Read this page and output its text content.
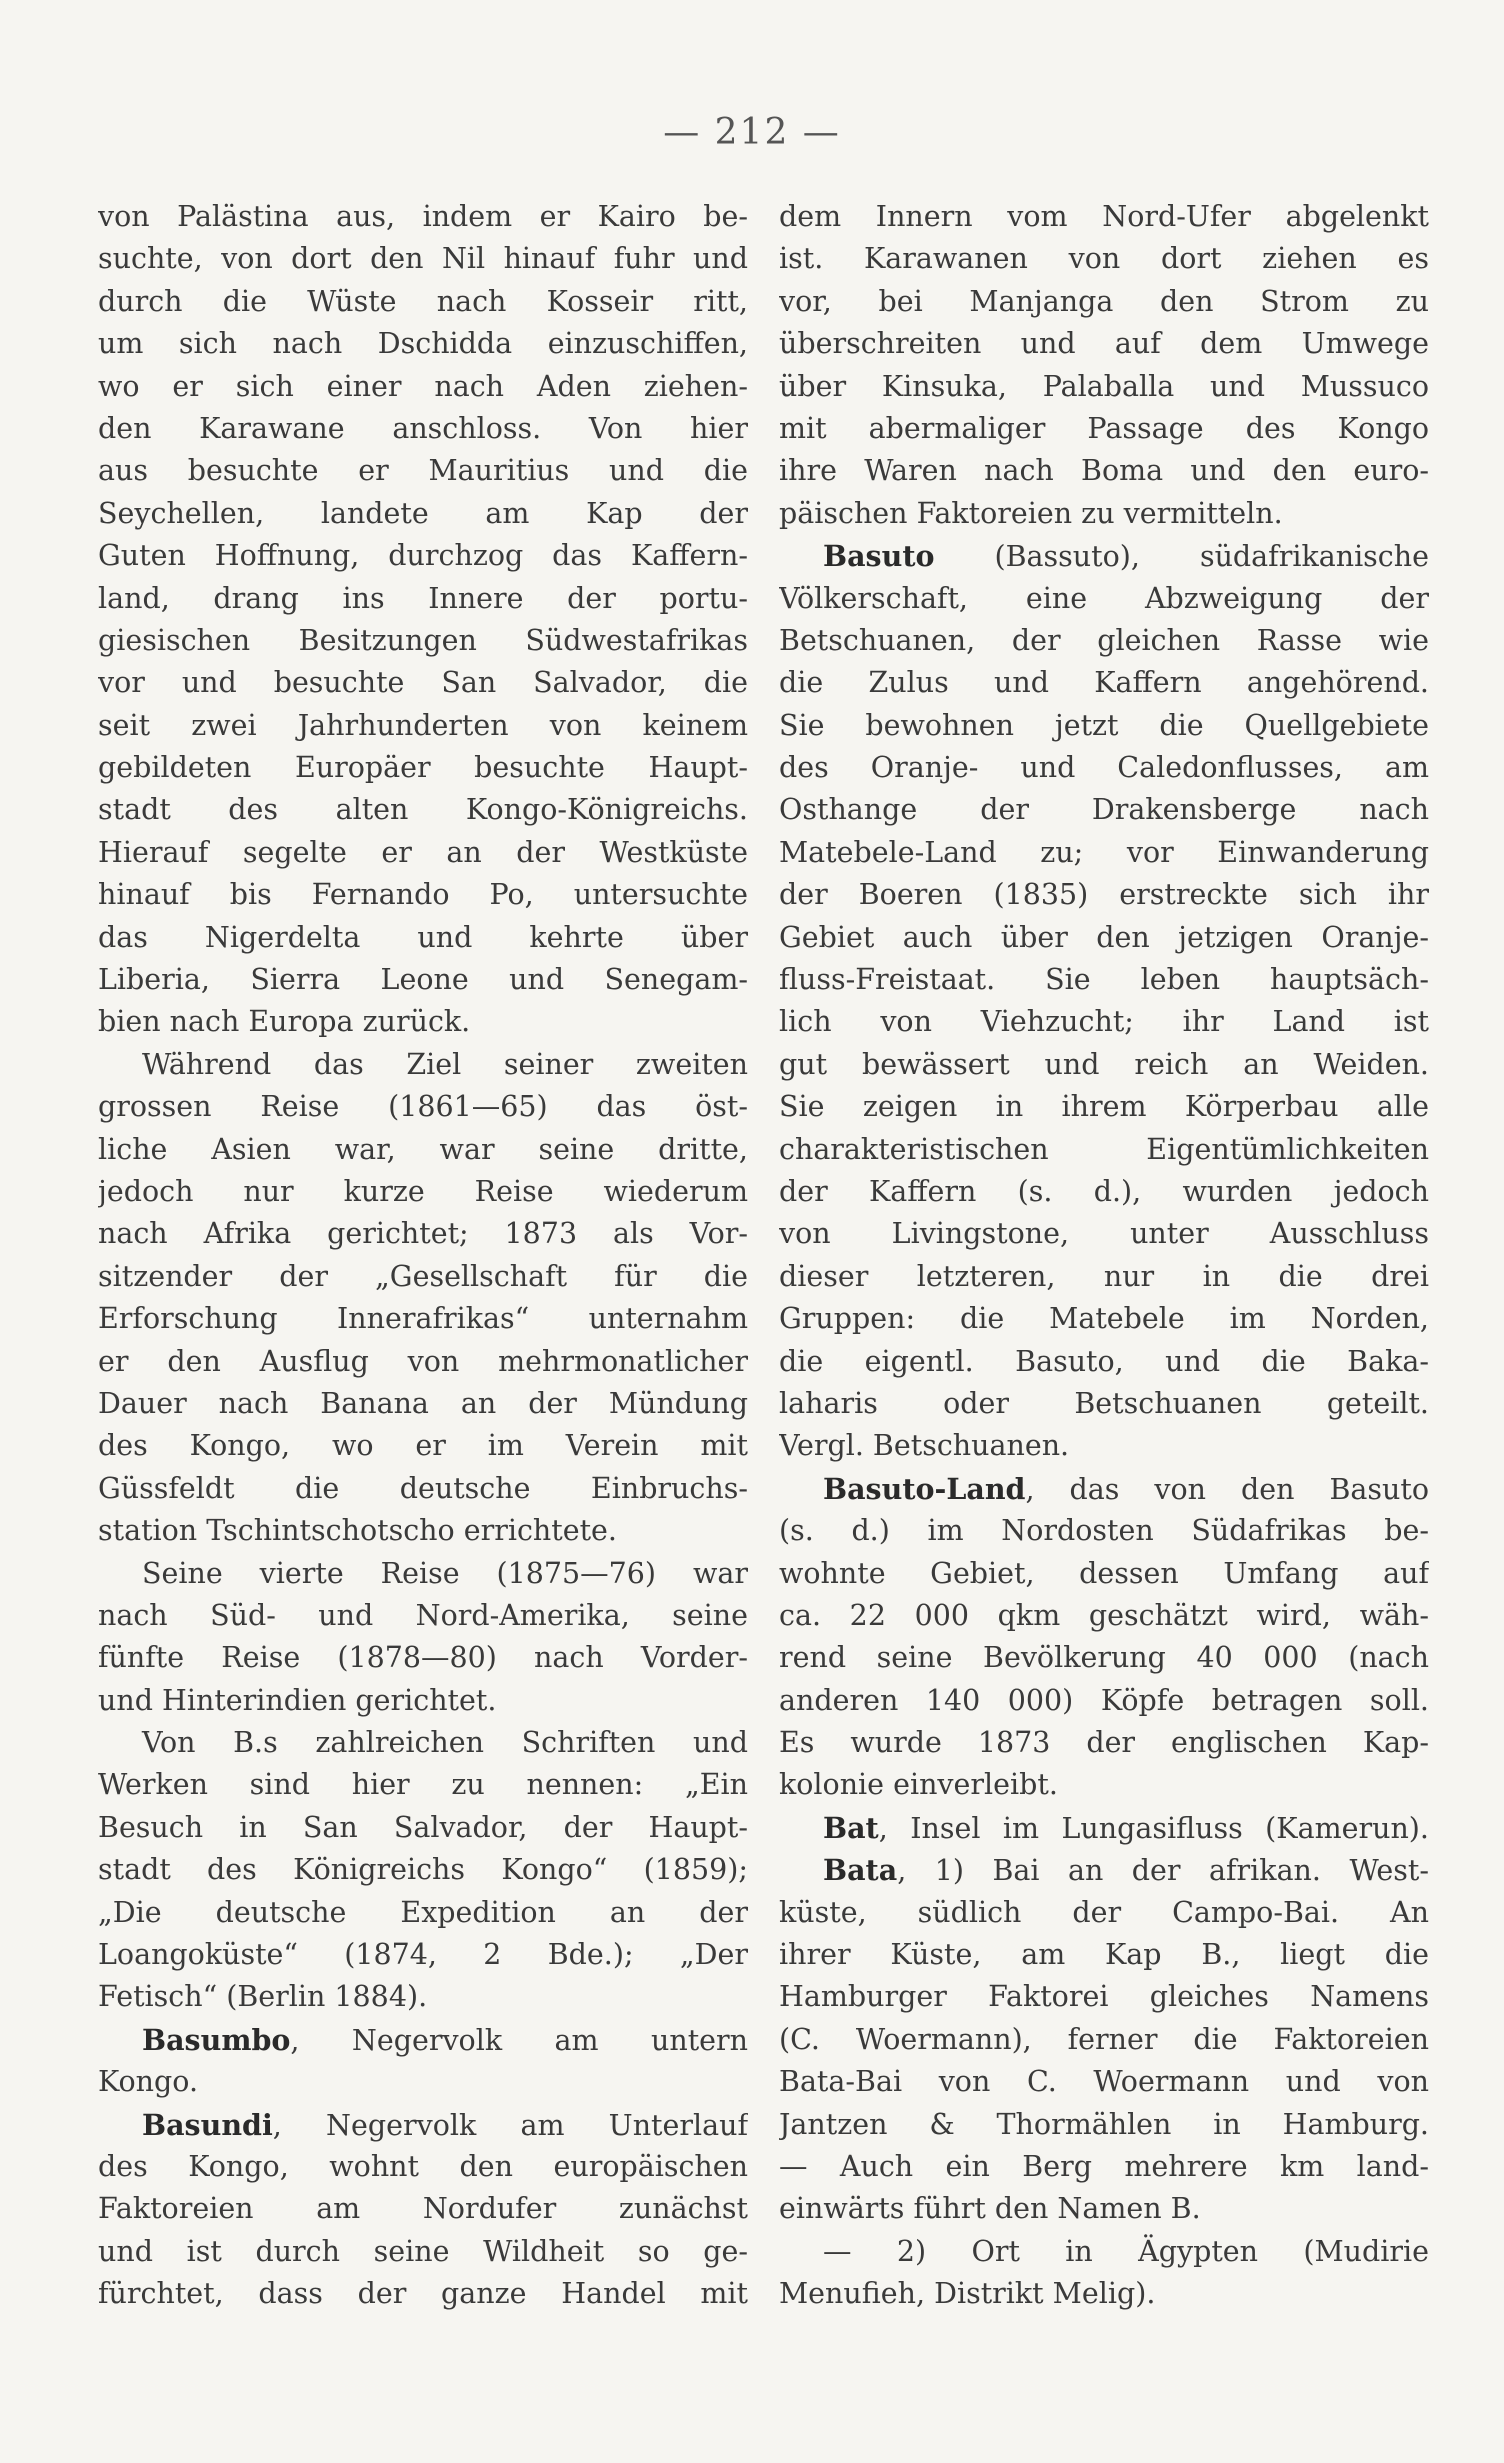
— 212 —
von Palästina aus, indem er Kairo be-
suchte, von dort den Nil hinauf fuhr und
durch die Wüste nach Kosseir ritt,
um sich nach Dschidda einzuschiffen,
wo er sich einer nach Aden ziehen-
den Karawane anschloss. Von hier
aus besuchte er Mauritius und die
Seychellen, landete am Kap der
Guten Hoffnung, durchzog das Kaffern-
land, drang ins Innere der portu-
giesischen Besitzungen Südwestafrikas
vor und besuchte San Salvador, die
seit zwei Jahrhunderten von keinem
gebildeten Europäer besuchte Haupt-
stadt des alten Kongo-Königreichs.
Hierauf segelte er an der Westküste
hinauf bis Fernando Po, untersuchte
das Nigerdelta und kehrte über
Liberia, Sierra Leone und Senegam-
bien nach Europa zurück.
Während das Ziel seiner zweiten
grossen Reise (1861—65) das öst-
liche Asien war, war seine dritte,
jedoch nur kurze Reise wiederum
nach Afrika gerichtet; 1873 als Vor-
sitzender der „Gesellschaft für die
Erforschung Innerafrikas“ unternahm
er den Ausflug von mehrmonatlicher
Dauer nach Banana an der Mündung
des Kongo, wo er im Verein mit
Güssfeldt die deutsche Einbruchs-
station Tschintschotscho errichtete.
Seine vierte Reise (1875—76) war
nach Süd- und Nord-Amerika, seine
fünfte Reise (1878—80) nach Vorder-
und Hinterindien gerichtet.
Von B.s zahlreichen Schriften und
Werken sind hier zu nennen: „Ein
Besuch in San Salvador, der Haupt-
stadt des Königreichs Kongo“ (1859);
„Die deutsche Expedition an der
Loangoküste“ (1874, 2 Bde.); „Der
Fetisch“ (Berlin 1884).
Basumbo, Negervolk am untern
Kongo.
Basundi, Negervolk am Unterlauf
des Kongo, wohnt den europäischen
Faktoreien am Nordufer zunächst
und ist durch seine Wildheit so ge-
fürchtet, dass der ganze Handel mit
dem Innern vom Nord-Ufer abgelenkt
ist. Karawanen von dort ziehen es
vor, bei Manjanga den Strom zu
überschreiten und auf dem Umwege
über Kinsuka, Palaballa und Mussuco
mit abermaliger Passage des Kongo
ihre Waren nach Boma und den euro-
päischen Faktoreien zu vermitteln.
Basuto (Bassuto), südafrikanische
Völkerschaft, eine Abzweigung der
Betschuanen, der gleichen Rasse wie
die Zulus und Kaffern angehörend.
Sie bewohnen jetzt die Quellgebiete
des Oranje- und Caledonflusses, am
Osthange der Drakensberge nach
Matebele-Land zu; vor Einwanderung
der Boeren (1835) erstreckte sich ihr
Gebiet auch über den jetzigen Oranje-
fluss-Freistaat. Sie leben hauptsäch-
lich von Viehzucht; ihr Land ist
gut bewässert und reich an Weiden.
Sie zeigen in ihrem Körperbau alle
charakteristischen Eigentümlichkeiten
der Kaffern (s. d.), wurden jedoch
von Livingstone, unter Ausschluss
dieser letzteren, nur in die drei
Gruppen: die Matebele im Norden,
die eigentl. Basuto, und die Baka-
laharis oder Betschuanen geteilt.
Vergl. Betschuanen.
Basuto-Land, das von den Basuto
(s. d.) im Nordosten Südafrikas be-
wohnte Gebiet, dessen Umfang auf
ca. 22 000 qkm geschätzt wird, wäh-
rend seine Bevölkerung 40 000 (nach
anderen 140 000) Köpfe betragen soll.
Es wurde 1873 der englischen Kap-
kolonie einverleibt.
Bat, Insel im Lungasifluss (Kamerun).
Bata, 1) Bai an der afrikan. West-
küste, südlich der Campo-Bai. An
ihrer Küste, am Kap B., liegt die
Hamburger Faktorei gleiches Namens
(C. Woermann), ferner die Faktoreien
Bata-Bai von C. Woermann und von
Jantzen & Thormählen in Hamburg.
— Auch ein Berg mehrere km land-
einwärts führt den Namen B.
— 2) Ort in Ägypten (Mudirie
Menufieh, Distrikt Melig).
